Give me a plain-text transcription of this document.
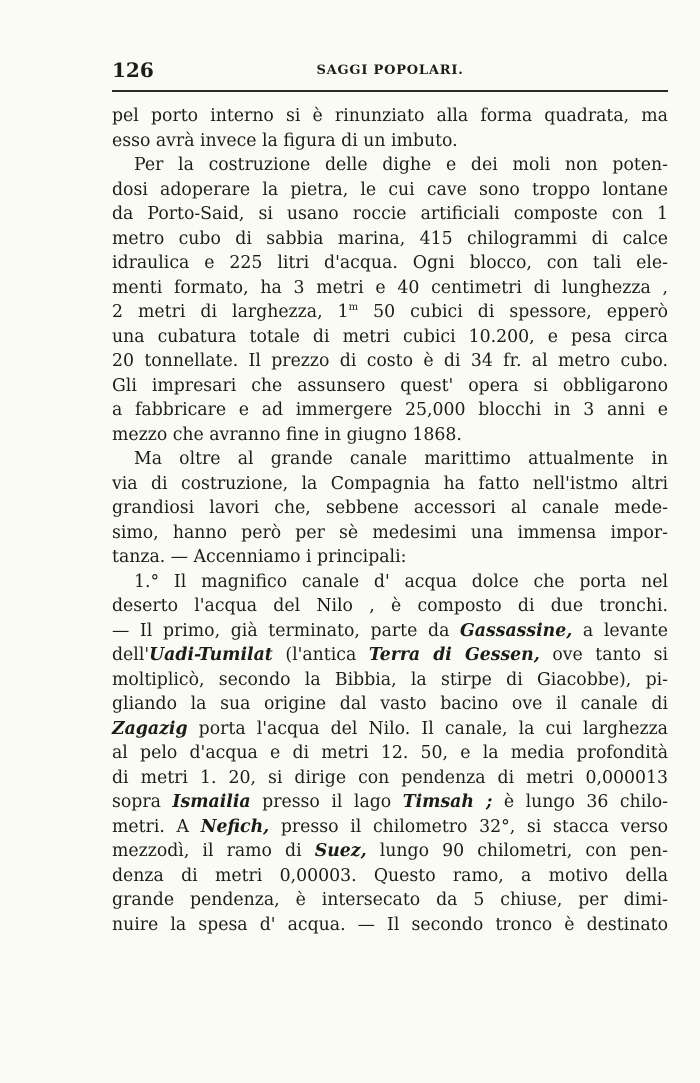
126	SAGGI POPOLARI.
pel porto interno si è rinunziato alla forma quadrata, ma
esso avrà invece la figura di un imbuto.
Per la costruzione delle dighe e dei moli non poten-
dosi adoperare la pietra, le cui cave sono troppo lontane
da Porto-Said, si usano roccie artificiali composte con 1
metro cubo di sabbia marina, 415 chilogrammi di calce
idraulica e 225 litri d'acqua. Ogni blocco, con tali ele-
menti formato, ha 3 metri e 40 centimetri di lunghezza ,
2 metri di larghezza, 1$^m$ 50 cubici di spessore, epperò
una cubatura totale di metri cubici 10.200, e pesa circa
20 tonnellate. Il prezzo di costo è di 34 fr. al metro cubo.
Gli impresari che assunsero quest' opera si obbligarono
a fabbricare e ad immergere 25,000 blocchi in 3 anni e
mezzo che avranno fine in giugno 1868.
Ma oltre al grande canale marittimo attualmente in
via di costruzione, la Compagnia ha fatto nell'istmo altri
grandiosi lavori che, sebbene accessori al canale mede-
simo, hanno però per sè medesimi una immensa impor-
tanza. — Accenniamo i principali:
1.° Il magnifico canale d' acqua dolce che porta nel
deserto l'acqua del Nilo , è composto di due tronchi.
— Il primo, già terminato, parte da Gassassine, a levante
dell'Uadi-Tumilat (l'antica Terra di Gessen, ove tanto si
moltiplicò, secondo la Bibbia, la stirpe di Giacobbe), pi-
gliando la sua origine dal vasto bacino ove il canale di
Zagazig porta l'acqua del Nilo. Il canale, la cui larghezza
al pelo d'acqua e di metri 12. 50, e la media profondità
di metri 1. 20, si dirige con pendenza di metri 0,000013
sopra Ismailia presso il lago Timsah ; è lungo 36 chilo-
metri. A Nefich, presso il chilometro 32°, si stacca verso
mezzodì, il ramo di Suez, lungo 90 chilometri, con pen-
denza di metri 0,00003. Questo ramo, a motivo della
grande pendenza, è intersecato da 5 chiuse, per dimi-
nuire la spesa d' acqua. — Il secondo tronco è destinato
